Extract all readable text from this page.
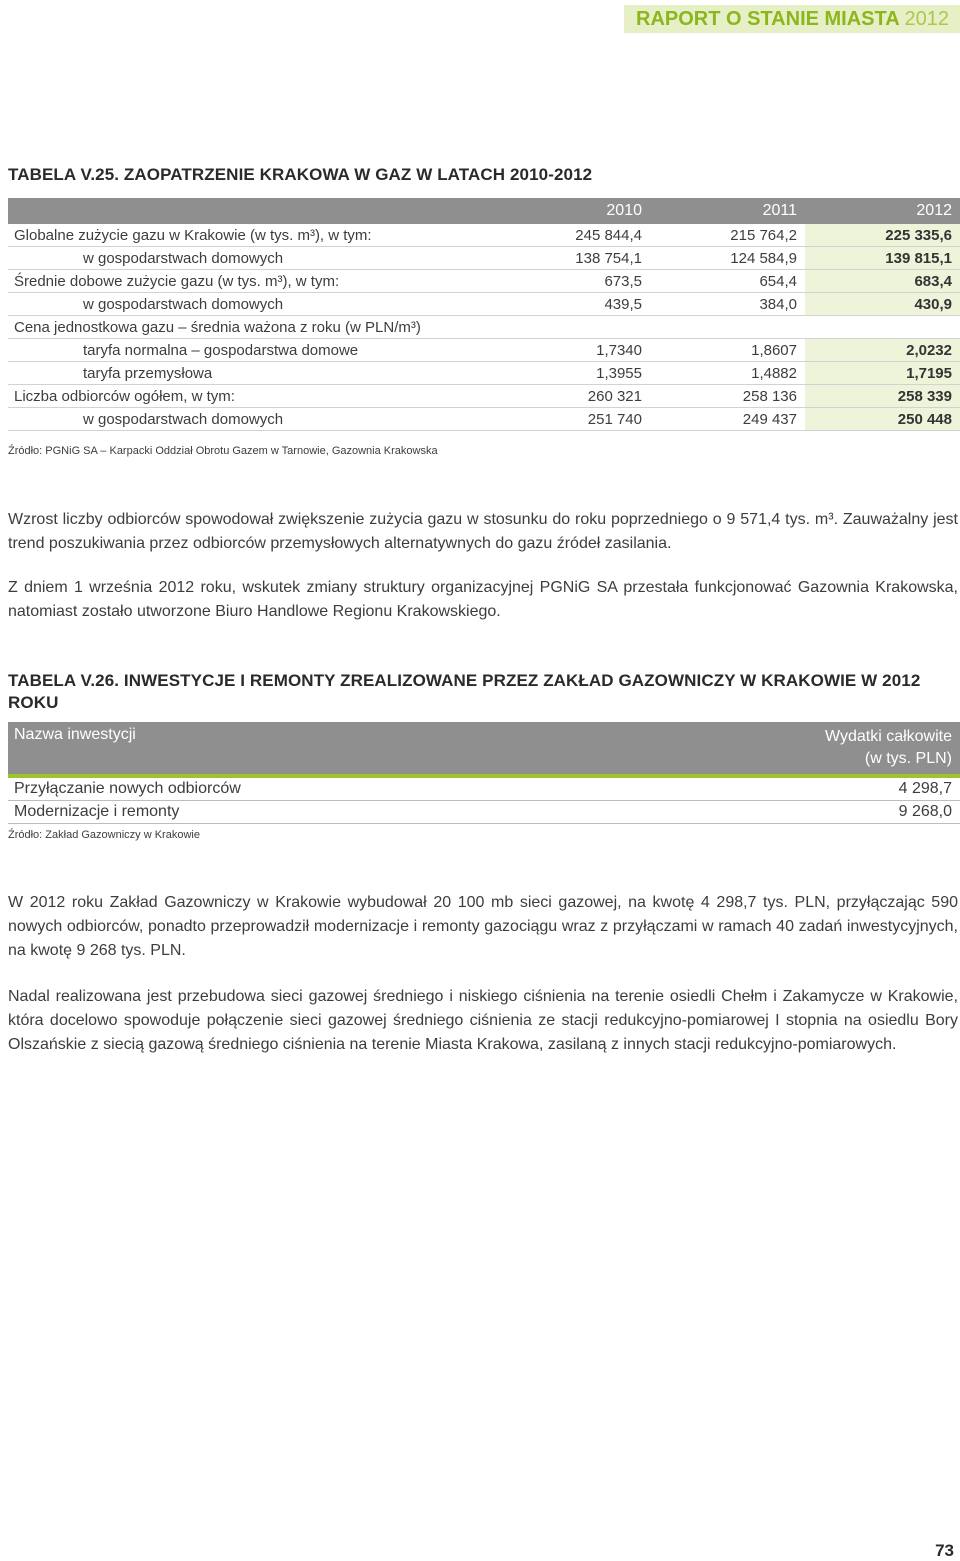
RAPORT O STANIE MIASTA 2012
TABELA V.25. ZAOPATRZENIE KRAKOWA W GAZ W LATACH 2010-2012
	2010	2011	2012
Globalne zużycie gazu w Krakowie (w tys. m³), w tym:	245 844,4	215 764,2	225 335,6
w gospodarstwach domowych	138 754,1	124 584,9	139 815,1
Średnie dobowe zużycie gazu (w tys. m³), w tym:	673,5	654,4	683,4
w gospodarstwach domowych	439,5	384,0	430,9
Cena jednostkowa gazu – średnia ważona z roku (w PLN/m³)			
taryfa normalna – gospodarstwa domowe	1,7340	1,8607	2,0232
taryfa przemysłowa	1,3955	1,4882	1,7195
Liczba odbiorców ogółem, w tym:	260 321	258 136	258 339
w gospodarstwach domowych	251 740	249 437	250 448
Źródło: PGNiG SA – Karpacki Oddział Obrotu Gazem w Tarnowie, Gazownia Krakowska

Wzrost liczby odbiorców spowodował zwiększenie zużycia gazu w stosunku do roku poprzedniego o 9 571,4 tys. m³. Zauważalny jest trend poszukiwania przez odbiorców przemysłowych alternatywnych do gazu źródeł zasilania.

Z dniem 1 września 2012 roku, wskutek zmiany struktury organizacyjnej PGNiG SA przestała funkcjonować Gazownia Krakowska, natomiast zostało utworzone Biuro Handlowe Regionu Krakowskiego.

TABELA V.26. INWESTYCJE I REMONTY ZREALIZOWANE PRZEZ ZAKŁAD GAZOWNICZY W KRAKOWIE W 2012 ROKU
Nazwa inwestycji	Wydatki całkowite
(w tys. PLN)

Przyłączanie nowych odbiorców	4 298,7
Modernizacje i remonty	9 268,0
Źródło: Zakład Gazowniczy w Krakowie

W 2012 roku Zakład Gazowniczy w Krakowie wybudował 20 100 mb sieci gazowej, na kwotę 4 298,7 tys. PLN, przyłączając 590 nowych odbiorców, ponadto przeprowadził modernizacje i remonty gazociągu wraz z przyłączami w ramach 40 zadań inwestycyjnych, na kwotę 9 268 tys. PLN.

Nadal realizowana jest przebudowa sieci gazowej średniego i niskiego ciśnienia na terenie osiedli Chełm i Zakamycze w Krakowie, która docelowo spowoduje połączenie sieci gazowej średniego ciśnienia ze stacji redukcyjno-pomiarowej I stopnia na osiedlu Bory Olszańskie z siecią gazową średniego ciśnienia na terenie Miasta Krakowa, zasilaną z innych stacji redukcyjno-pomiarowych.

73
